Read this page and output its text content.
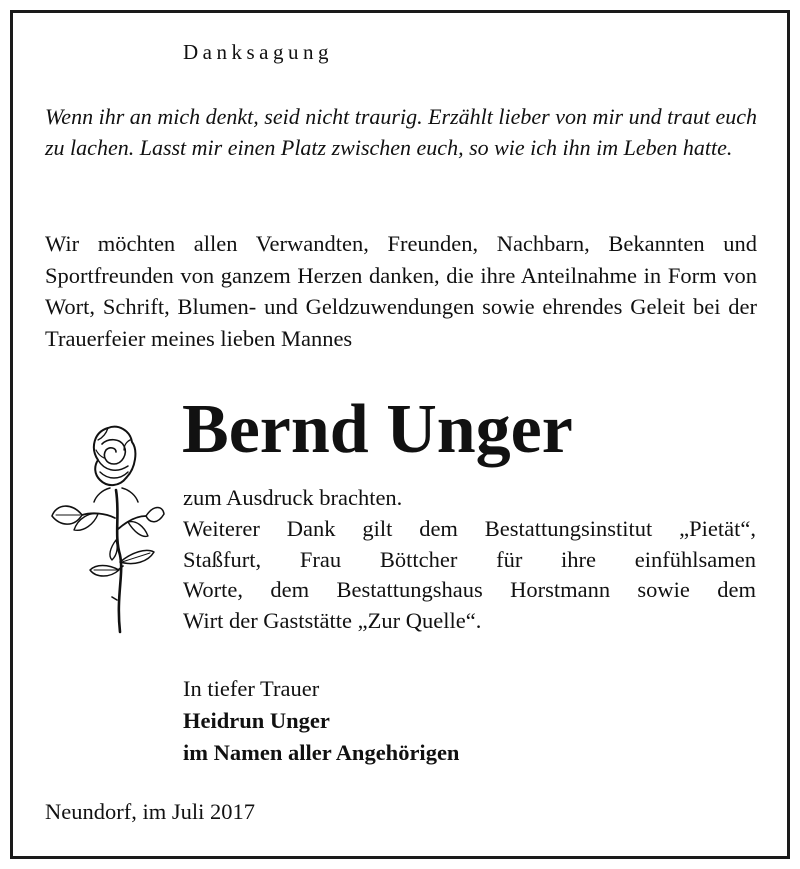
Danksagung
Wenn ihr an mich denkt, seid nicht traurig. Erzählt lieber von mir und traut euch zu lachen. Lasst mir einen Platz zwischen euch, so wie ich ihn im Leben hatte.
Wir möchten allen Verwandten, Freunden, Nachbarn, Bekannten und Sportfreunden von ganzem Herzen danken, die ihre Anteilnahme in Form von Wort, Schrift, Blumen- und Geldzuwendungen sowie ehrendes Geleit bei der Trauerfeier meines lieben Mannes
Bernd Unger
zum Ausdruck brachten.
Weiterer Dank gilt dem Bestattungsinstitut „Pietät“,
Staßfurt, Frau Böttcher für ihre einfühlsamen
Worte, dem Bestattungshaus Horstmann sowie dem
Wirt der Gaststätte „Zur Quelle“.
In tiefer Trauer
Heidrun Unger
im Namen aller Angehörigen
Neundorf, im Juli 2017
